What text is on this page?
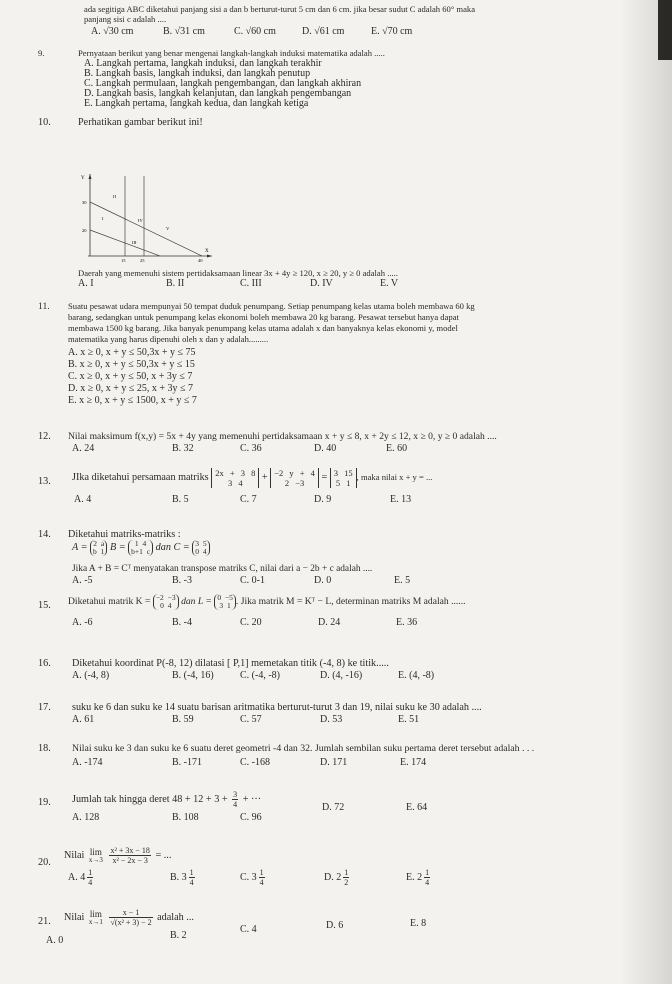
ada segitiga ABC diketahui panjang sisi a dan b berturut-turut 5 cm dan 6 cm. jika besar sudut C adalah 60° maka
panjang sisi c adalah ....
A. √30 cm	B. √31 cm	C. √60 cm	D. √61 cm	E. √70 cm
9.	Pernyataan berikut yang benar mengenai langkah-langkah induksi matematika adalah .....
A. Langkah pertama, langkah induksi, dan langkah terakhir
B. Langkah basis, langkah induksi, dan langkah penutup
C. Langkah permulaan, langkah pengembangan, dan langkah akhiran
D. Langkah basis, langkah kelanjutan, dan langkah pengembangan
E. Langkah pertama, langkah kedua, dan langkah ketiga
10.	Perhatikan gambar berikut ini!
Y
X
30
20
15	25	40
I
II
III
IV
V
Daerah yang memenuhi sistem pertidaksamaan linear 3x + 4y ≥ 120, x ≥ 20, y ≥ 0 adalah .....
A. I	B. II	C. III	D. IV	E. V
11. Suatu pesawat udara mempunyai 50 tempat duduk penumpang. Setiap penumpang kelas utama boleh membawa 60 kg
barang, sedangkan untuk penumpang kelas ekonomi boleh membawa 20 kg barang. Pesawat tersebut hanya dapat
membawa 1500 kg barang. Jika banyak penumpang kelas utama adalah x dan banyaknya kelas ekonomi y, model
matematika yang harus dipenuhi oleh x dan y adalah.........
A. x ≥ 0, x + y ≤ 50,3x + y ≤ 75
B. x ≥ 0, x + y ≤ 50,3x + y ≤ 15
C. x ≥ 0, x + y ≤ 50, x + 3y ≤ 7
D. x ≥ 0, x + y ≤ 25, x + 3y ≤ 7
E. x ≥ 0, x + y ≤ 1500, x + y ≤ 7
12. Nilai maksimum f(x,y) = 5x + 4y yang memenuhi pertidaksamaan x + y ≤ 8, x + 2y ≤ 12, x ≥ 0, y ≥ 0 adalah ....
A. 24	B. 32	C. 36	D. 40	E. 60
13. JIka diketahui persamaan matriks 2x + 3 8
3 4	+ −2 y + 4
2 −3	= 3 15
5 1
, maka nilai x + y = ...
A. 4	B. 5	C. 7	D. 9	E. 13
14. Diketahui matriks-matriks :
A = 2 a
b 1 B =	1 4
b+1 c dan C = 3 5
0 4
Jika A + B = Cᵀ menyatakan transpose matriks C, nilai dari a − 2b + c adalah ....
A. -5	B. -3	C. 0-1	D. 0	E. 5
15. Diketahui matrik K = −2 −3
0 4	dan L = 0 −5
3 1 . Jika matrik M = Kᵀ − L, determinan matriks M adalah ......
A. -6	B. -4	C. 20	D. 24	E. 36
16. Diketahui koordinat P(-8, 12) dilatasi [ P,1] memetakan titik (-4, 8) ke titik.....
A. (-4, 8)	B. (-4, 16)	C. (-4, -8)	D. (4, -16)	E. (4, -8)
17. suku ke 6 dan suku ke 14 suatu barisan aritmatika berturut-turut 3 dan 19, nilai suku ke 30 adalah ....
A. 61	B. 59	C. 57	D. 53	E. 51
18. Nilai suku ke 3 dan suku ke 6 suatu deret geometri -4 dan 32. Jumlah sembilan suku pertama deret tersebut adalah . . .
A. -174	B. -171	C. -168	D. 171	E. 174
19. Jumlah tak hingga deret $48 + 12 + 3 + \frac{3}{4}$ + ···
A. 128	B. 108	C. 96
D. 72	E. 64
20.
Nilai lim
x→3
$\frac{\text{x² + 3x − 18}}{\text{x² − 2x − 3}}$ = ...
A. $4 \frac{1}{4}$	B. $3 \frac{1}{4}$	C. $3 \frac{1}{4}$	D. $2 \frac{1}{2}$	E. $2 \frac{1}{4}$
21. Nilai lim
x→1
$\frac{x - 1}{\text{√(x² + 3) − 2}}$ adalah ...
A. 0	B. 2
C. 4	D. 6	E. 8
